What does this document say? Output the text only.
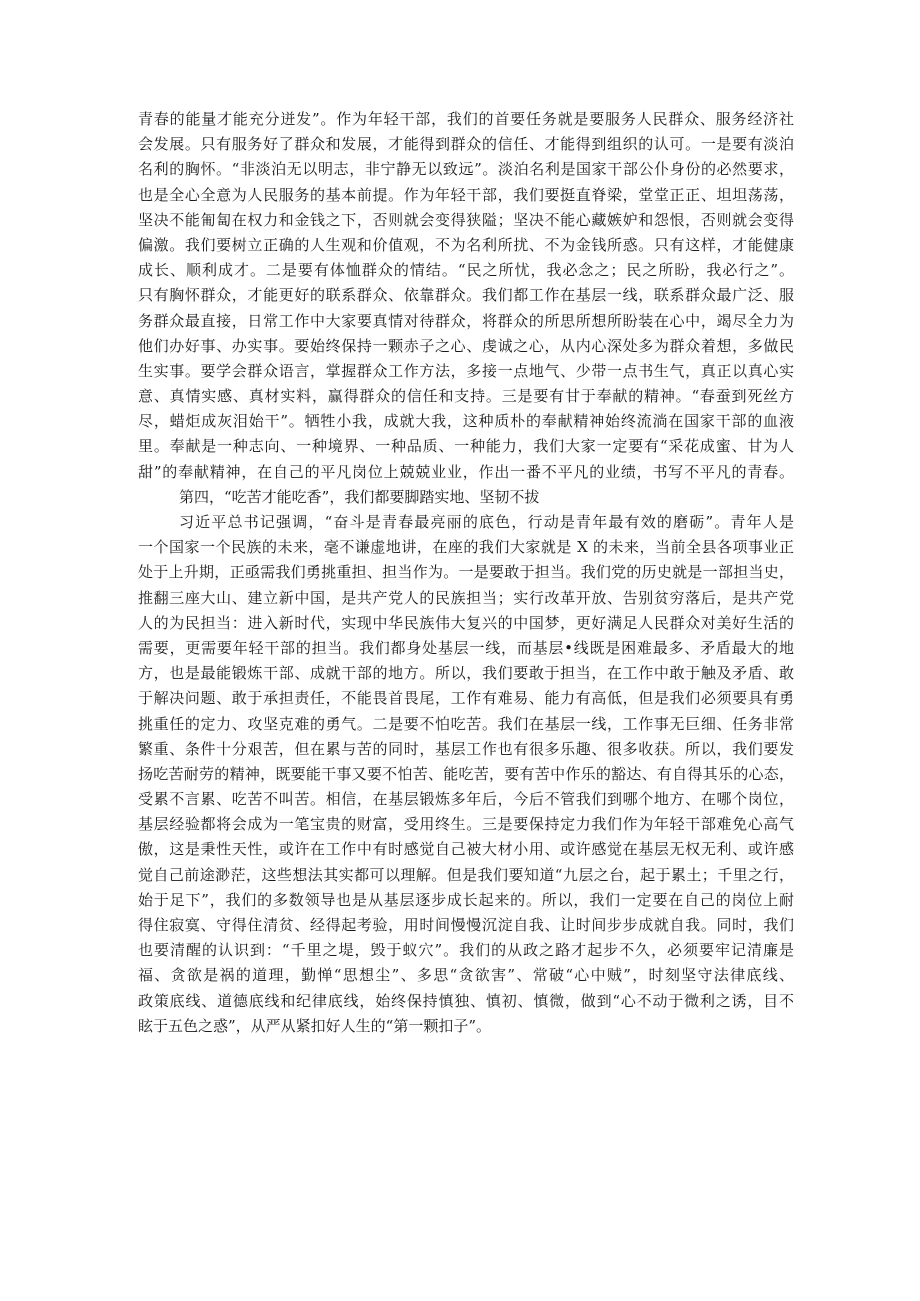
青春的能量才能充分迸发”。作为年轻干部，我们的首要任务就是要服务人民群众、服务经济社
会发展。只有服务好了群众和发展，才能得到群众的信任、才能得到组织的认可。一是要有淡泊
名利的胸怀。“非淡泊无以明志，非宁静无以致远”。淡泊名利是国家干部公仆身份的必然要求，
也是全心全意为人民服务的基本前提。作为年轻干部，我们要挺直脊梁，堂堂正正、坦坦荡荡，
坚决不能匍匐在权力和金钱之下，否则就会变得狭隘；坚决不能心藏嫉妒和怨恨，否则就会变得
偏激。我们要树立正确的人生观和价值观，不为名利所扰、不为金钱所惑。只有这样，才能健康
成长、顺利成才。二是要有体恤群众的情结。“民之所忧，我必念之；民之所盼，我必行之”。
只有胸怀群众，才能更好的联系群众、依靠群众。我们都工作在基层一线，联系群众最广泛、服
务群众最直接，日常工作中大家要真情对待群众，将群众的所思所想所盼装在心中，竭尽全力为
他们办好事、办实事。要始终保持一颗赤子之心、虔诚之心，从内心深处多为群众着想，多做民
生实事。要学会群众语言，掌握群众工作方法，多接一点地气、少带一点书生气，真正以真心实
意、真情实感、真材实料，赢得群众的信任和支持。三是要有甘于奉献的精神。“春蚕到死丝方
尽，蜡炬成灰泪始干”。牺牲小我，成就大我，这种质朴的奉献精神始终流淌在国家干部的血液
里。奉献是一种志向、一种境界、一种品质、一种能力，我们大家一定要有“采花成蜜、甘为人
甜”的奉献精神，在自己的平凡岗位上兢兢业业，作出一番不平凡的业绩，书写不平凡的青春。
第四，“吃苦才能吃香”，我们都要脚踏实地、坚韧不拔
习近平总书记强调，“奋斗是青春最亮丽的底色，行动是青年最有效的磨砺”。青年人是
一个国家一个民族的未来，毫不谦虚地讲，在座的我们大家就是 X 的未来，当前全县各项事业正
处于上升期，正亟需我们勇挑重担、担当作为。一是要敢于担当。我们党的历史就是一部担当史，
推翻三座大山、建立新中国，是共产党人的民族担当；实行改革开放、告别贫穷落后，是共产党
人的为民担当：进入新时代，实现中华民族伟大复兴的中国梦，更好满足人民群众对美好生活的
需要，更需要年轻干部的担当。我们都身处基层一线，而基层•线既是困难最多、矛盾最大的地
方，也是最能锻炼干部、成就干部的地方。所以，我们要敢于担当，在工作中敢于触及矛盾、敢
于解决问题、敢于承担责任，不能畏首畏尾，工作有难易、能力有高低，但是我们必须要具有勇
挑重任的定力、攻坚克难的勇气。二是要不怕吃苦。我们在基层一线，工作事无巨细、任务非常
繁重、条件十分艰苦，但在累与苦的同时，基层工作也有很多乐趣、很多收获。所以，我们要发
扬吃苦耐劳的精神，既要能干事又要不怕苦、能吃苦，要有苦中作乐的豁达、有自得其乐的心态，
受累不言累、吃苦不叫苦。相信，在基层锻炼多年后，今后不管我们到哪个地方、在哪个岗位，
基层经验都将会成为一笔宝贵的财富，受用终生。三是要保持定力我们作为年轻干部难免心高气
傲，这是秉性天性，或许在工作中有时感觉自己被大材小用、或许感觉在基层无权无利、或许感
觉自己前途渺茫，这些想法其实都可以理解。但是我们要知道“九层之台，起于累土；千里之行，
始于足下”，我们的多数领导也是从基层逐步成长起来的。所以，我们一定要在自己的岗位上耐
得住寂寞、守得住清贫、经得起考验，用时间慢慢沉淀自我、让时间步步成就自我。同时，我们
也要清醒的认识到：“千里之堤，毁于蚁穴”。我们的从政之路才起步不久，必须要牢记清廉是
福、贪欲是祸的道理，勤惮“思想尘”、多思“贪欲害”、常破“心中贼”，时刻坚守法律底线、
政策底线、道德底线和纪律底线，始终保持慎独、慎初、慎微，做到“心不动于微利之诱，目不
眩于五色之惑”，从严从紧扣好人生的“第一颗扣子”。
